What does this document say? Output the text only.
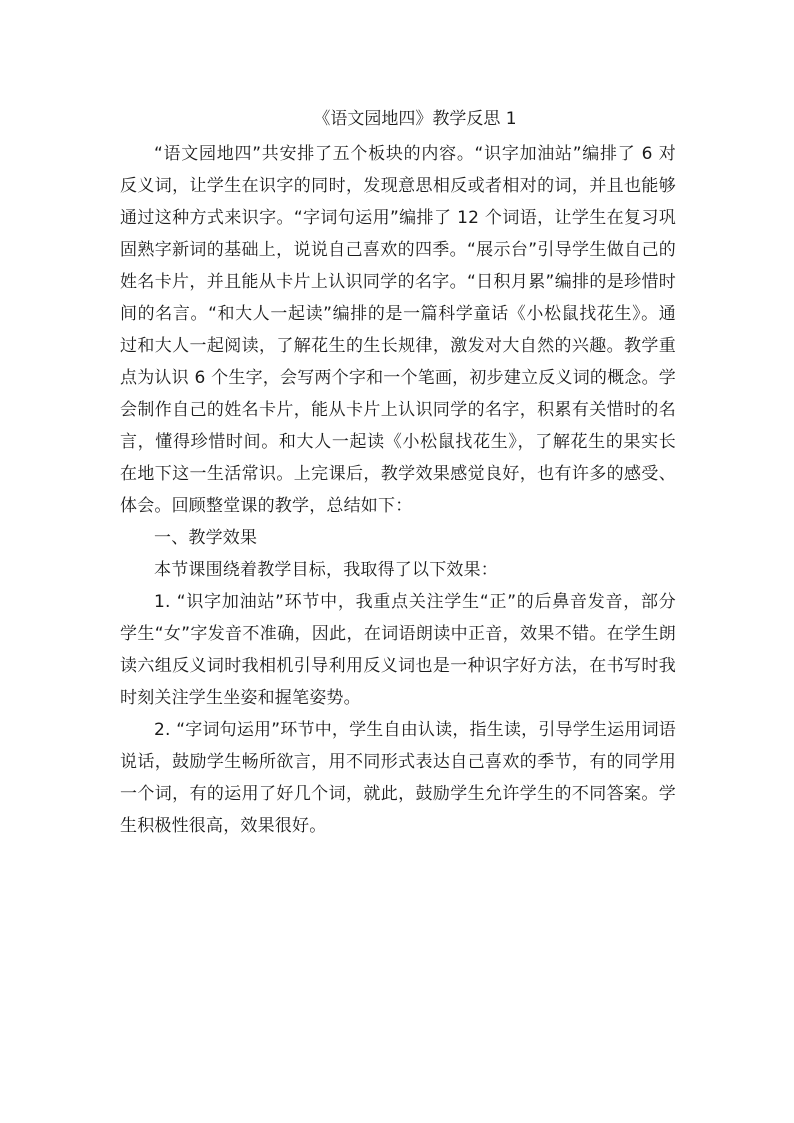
《语文园地四》教学反思 1

“语文园地四”共安排了五个板块的内容。“识字加油站”编排了 6 对反义词，让学生在识字的同时，发现意思相反或者相对的词，并且也能够通过这种方式来识字。“字词句运用”编排了 12 个词语，让学生在复习巩固熟字新词的基础上，说说自己喜欢的四季。“展示台”引导学生做自己的姓名卡片，并且能从卡片上认识同学的名字。“日积月累”编排的是珍惜时间的名言。“和大人一起读”编排的是一篇科学童话《小松鼠找花生》。通过和大人一起阅读，了解花生的生长规律，激发对大自然的兴趣。教学重点为认识 6 个生字，会写两个字和一个笔画，初步建立反义词的概念。学会制作自己的姓名卡片，能从卡片上认识同学的名字，积累有关惜时的名言，懂得珍惜时间。和大人一起读《小松鼠找花生》，了解花生的果实长在地下这一生活常识。上完课后，教学效果感觉良好，也有许多的感受、体会。回顾整堂课的教学，总结如下：

一、教学效果

本节课围绕着教学目标，我取得了以下效果：

1. “识字加油站”环节中，我重点关注学生“正”的后鼻音发音，部分学生“女”字发音不准确，因此，在词语朗读中正音，效果不错。在学生朗读六组反义词时我相机引导利用反义词也是一种识字好方法，在书写时我时刻关注学生坐姿和握笔姿势。

2. “字词句运用”环节中，学生自由认读，指生读，引导学生运用词语说话，鼓励学生畅所欲言，用不同形式表达自己喜欢的季节，有的同学用一个词，有的运用了好几个词，就此，鼓励学生允许学生的不同答案。学生积极性很高，效果很好。
